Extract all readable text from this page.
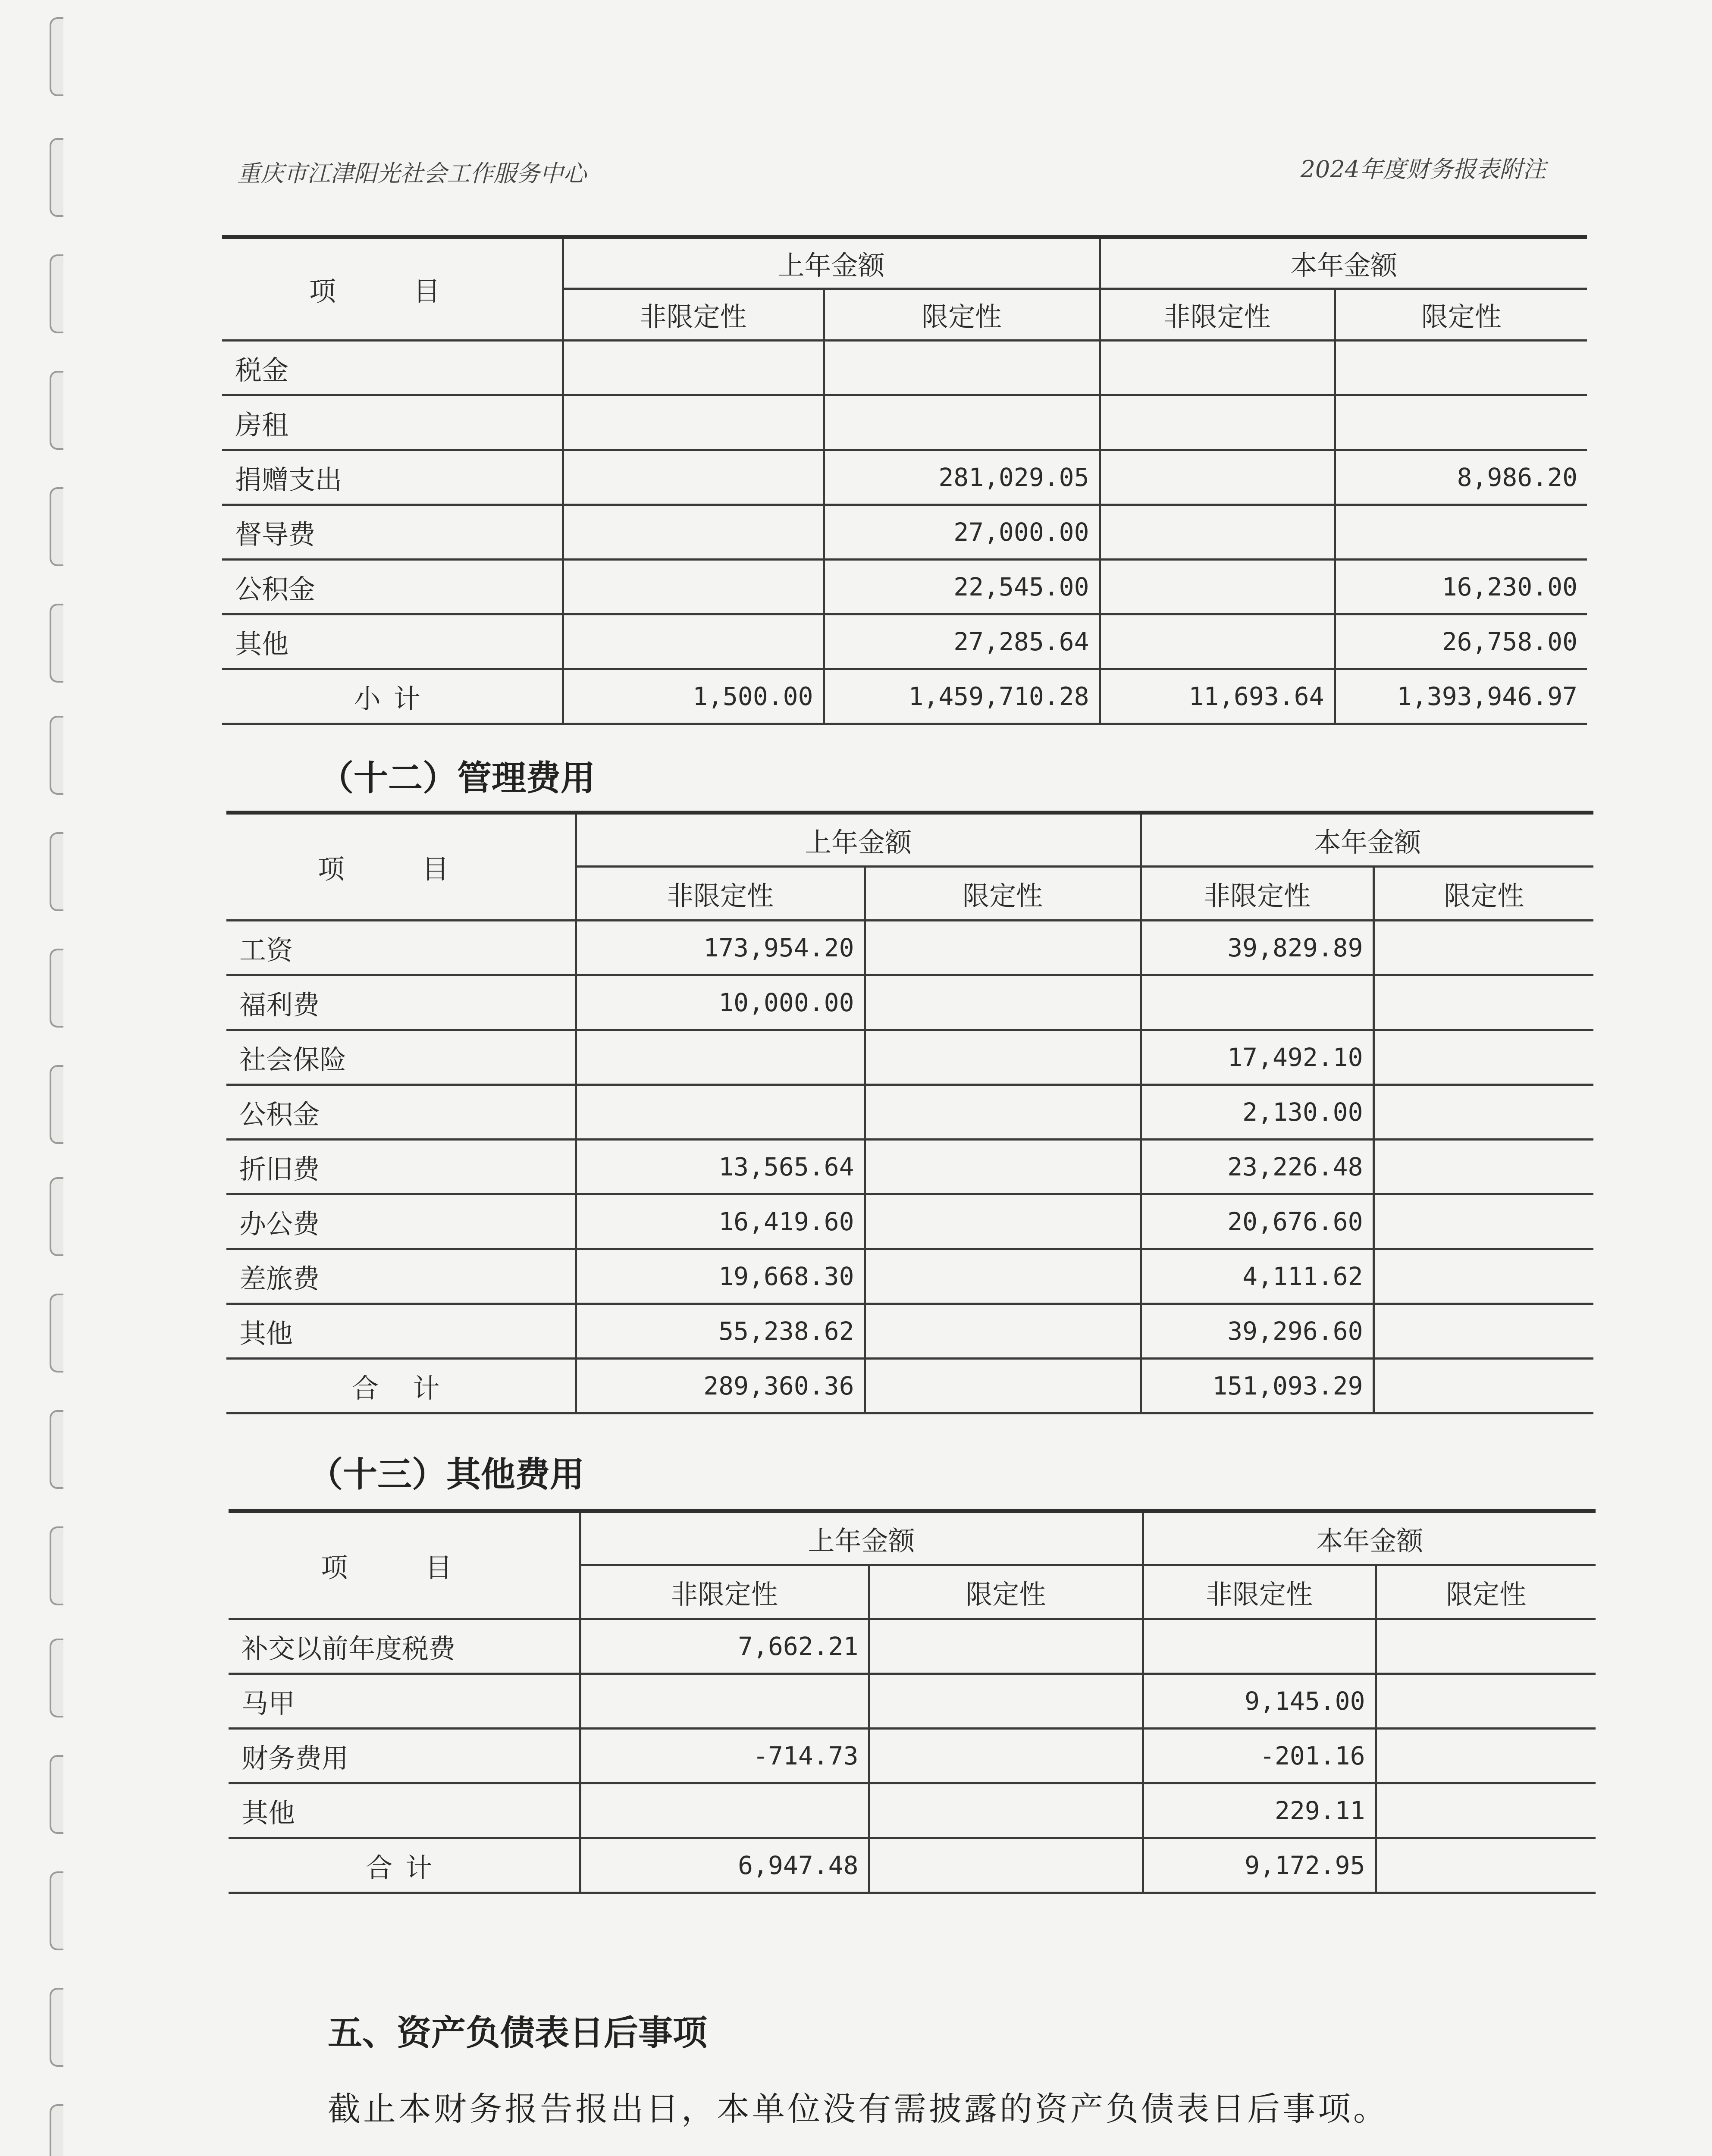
重庆市江津阳光社会工作服务中心	2024年度财务报表附注
项 目	上年金额		本年金额	
	非限定性	限定性	非限定性	限定性
税金				
房租				
捐赠支出		281,029.05		8,986.20
督导费		27,000.00		
公积金		22,545.00		16,230.00
其他		27,285.64		26,758.00
小计	1,500.00	1,459,710.28	11,693.64	1,393,946.97
（十二）管理费用
项 目	上年金额		本年金额	
	非限定性	限定性	非限定性	限定性
工资	173,954.20		39,829.89	
福利费	10,000.00			
社会保险			17,492.10	
公积金			2,130.00	
折旧费	13,565.64		23,226.48	
办公费	16,419.60		20,676.60	
差旅费	19,668.30		4,111.62	
其他	55,238.62		39,296.60	
合 计	289,360.36		151,093.29	
（十三）其他费用
项 目	上年金额		本年金额	
	非限定性	限定性	非限定性	限定性
补交以前年度税费	7,662.21			
马甲			9,145.00	
财务费用	-714.73		-201.16	
其他			229.11	
合计	6,947.48		9,172.95	
五、资产负债表日后事项
截止本财务报告报出日，本单位没有需披露的资产负债表日后事项。
